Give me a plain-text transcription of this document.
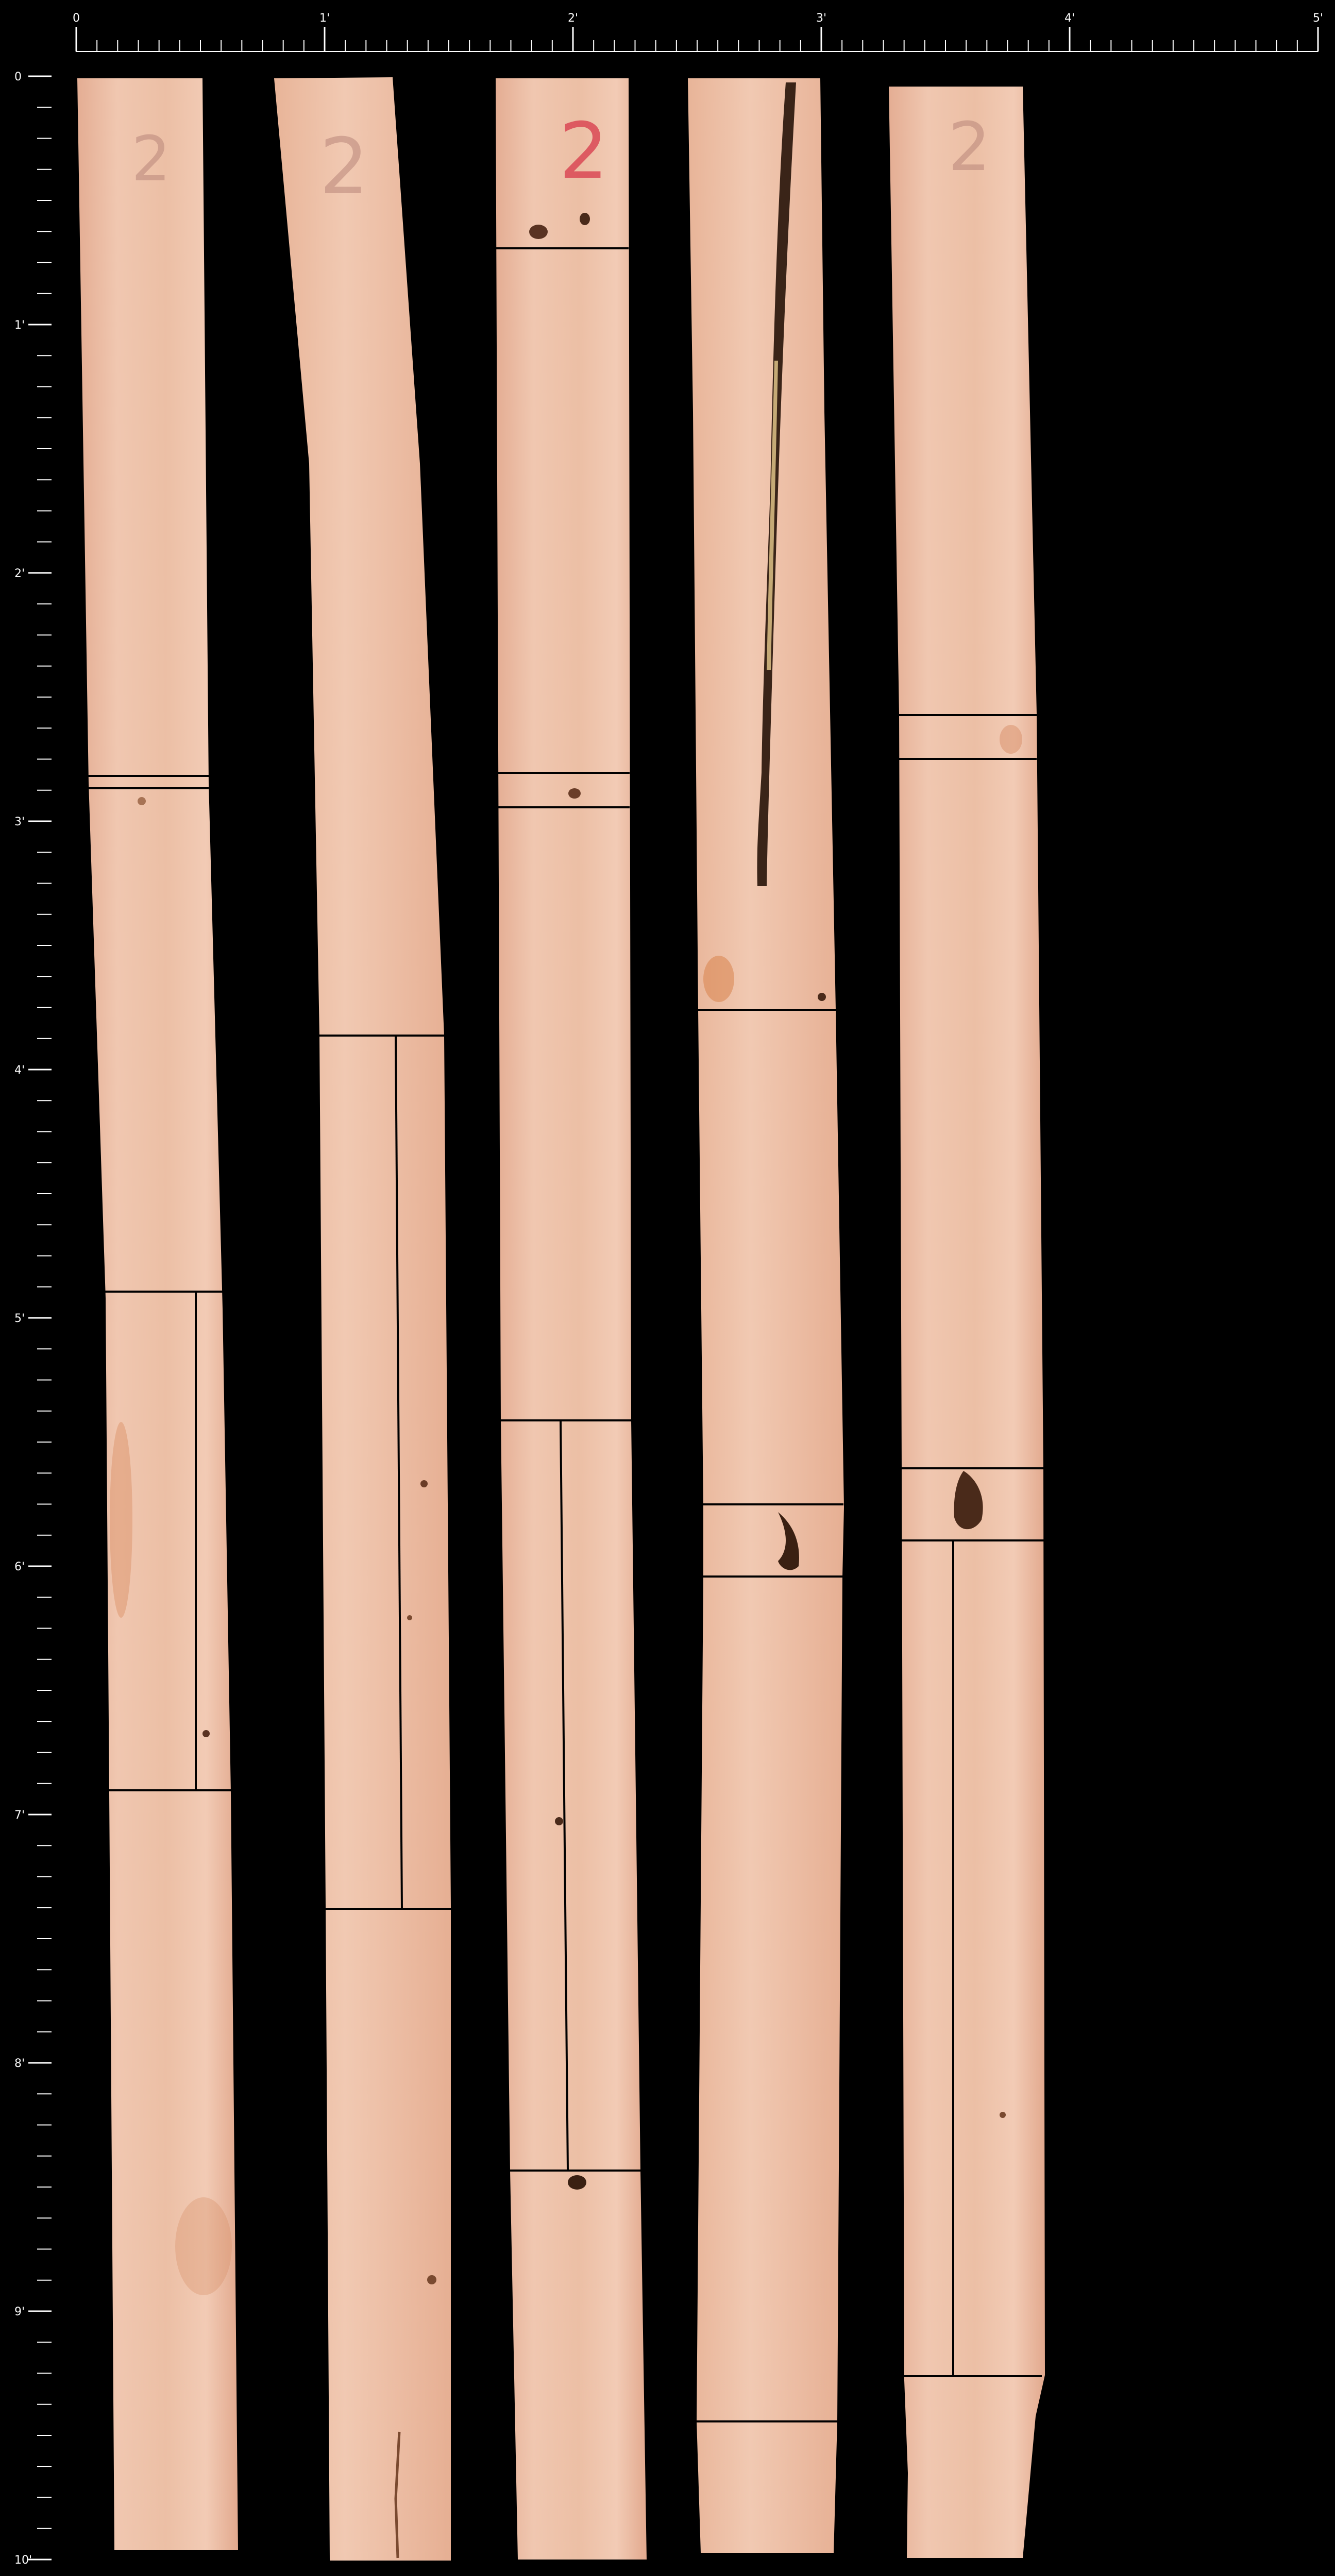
0	1'	2'	3'	4'	5'
0
1'
2'
3'
4'
5'
6'
7'
8'
9'
10'
2 2 2	2
